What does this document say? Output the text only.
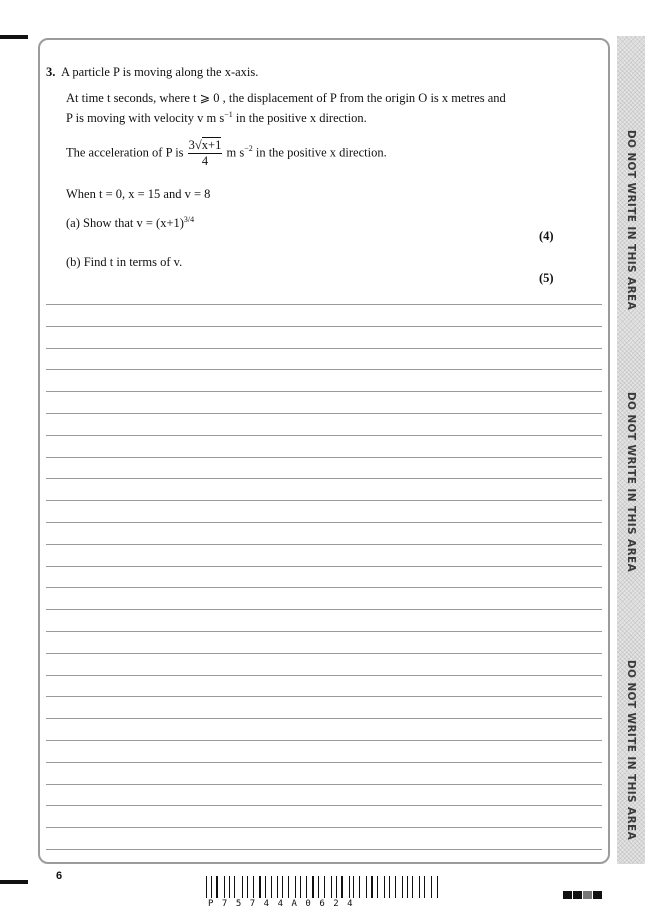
DO NOT WRITE IN THIS AREA
DO NOT WRITE IN THIS AREA
DO NOT WRITE IN THIS AREA
3. A particle P is moving along the x-axis.
At time t seconds, where t ⩾ 0 , the displacement of P from the origin O is x metres and
P is moving with velocity v m $s^{-1}$ in the positive x direction.
The acceleration of P is $\frac{3√x+1}{4}$ m $s^{-2}$ in the positive x direction.
When t = 0, x = 15 and v = 8
(a) Show that $v = (x+1)^{3/4}$
(4)
(b) Find t in terms of v.
(5)
6
P75744A0624
